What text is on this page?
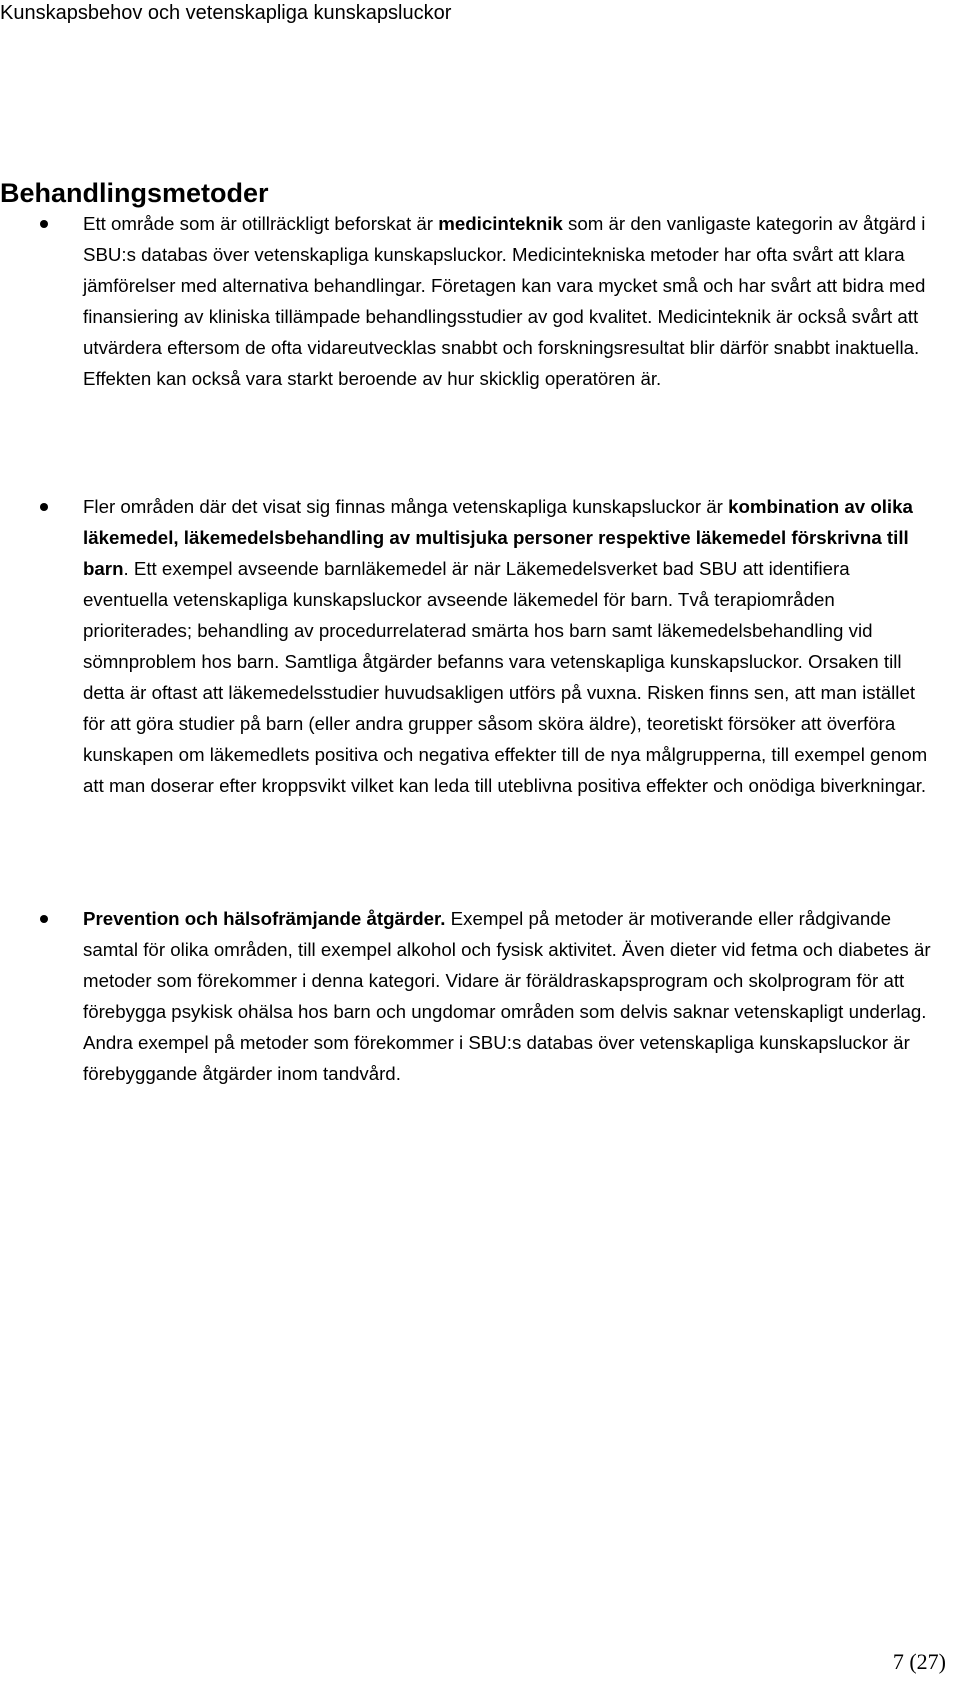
Kunskapsbehov och vetenskapliga kunskapsluckor
Behandlingsmetoder
Ett område som är otillräckligt beforskat är medicinteknik som är den vanligaste kategorin av åtgärd i SBU:s databas över vetenskapliga kunskapsluckor. Medicintekniska metoder har ofta svårt att klara jämförelser med alternativa behandlingar. Företagen kan vara mycket små och har svårt att bidra med finansiering av kliniska tillämpade behandlingsstudier av god kvalitet. Medicinteknik är också svårt att utvärdera eftersom de ofta vidareutvecklas snabbt och forskningsresultat blir därför snabbt inaktuella. Effekten kan också vara starkt beroende av hur skicklig operatören är.
Fler områden där det visat sig finnas många vetenskapliga kunskapsluckor är kombination av olika läkemedel, läkemedelsbehandling av multisjuka personer respektive läkemedel förskrivna till barn. Ett exempel avseende barnläkemedel är när Läkemedelsverket bad SBU att identifiera eventuella vetenskapliga kunskapsluckor avseende läkemedel för barn. Två terapiområden prioriterades; behandling av procedurrelaterad smärta hos barn samt läkemedelsbehandling vid sömnproblem hos barn. Samtliga åtgärder befanns vara vetenskapliga kunskapsluckor. Orsaken till detta är oftast att läkemedelsstudier huvudsakligen utförs på vuxna. Risken finns sen, att man istället för att göra studier på barn (eller andra grupper såsom sköra äldre), teoretiskt försöker att överföra kunskapen om läkemedlets positiva och negativa effekter till de nya målgrupperna, till exempel genom att man doserar efter kroppsvikt vilket kan leda till uteblivna positiva effekter och onödiga biverkningar.
Prevention och hälsofrämjande åtgärder. Exempel på metoder är motiverande eller rådgivande samtal för olika områden, till exempel alkohol och fysisk aktivitet. Även dieter vid fetma och diabetes är metoder som förekommer i denna kategori. Vidare är föräldraskapsprogram och skolprogram för att förebygga psykisk ohälsa hos barn och ungdomar områden som delvis saknar vetenskapligt underlag. Andra exempel på metoder som förekommer i SBU:s databas över vetenskapliga kunskapsluckor är förebyggande åtgärder inom tandvård.
7 (27)
